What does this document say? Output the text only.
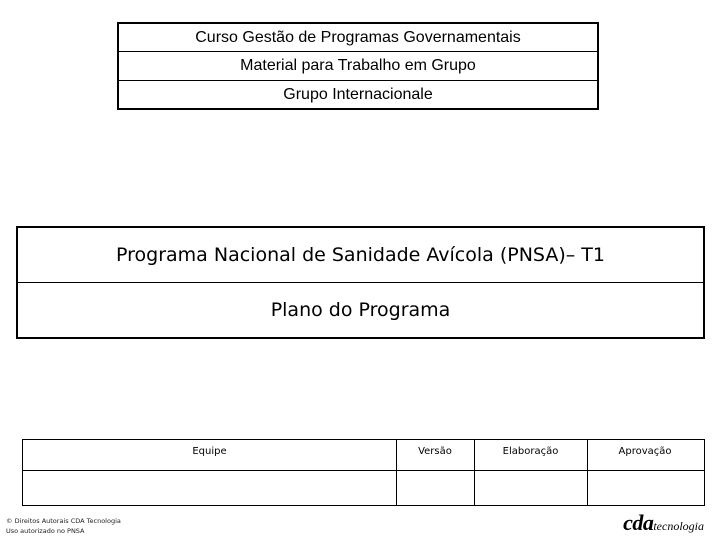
Curso Gestão de Programas Governamentais
Material para Trabalho em Grupo
Grupo Internacionale
Programa Nacional de Sanidade Avícola (PNSA)– T1
Plano do Programa
Equipe	Versão	Elaboração	Aprovação
© Direitos Autorais CDA Tecnologia
Uso autorizado no PNSA	cdatecnologia
